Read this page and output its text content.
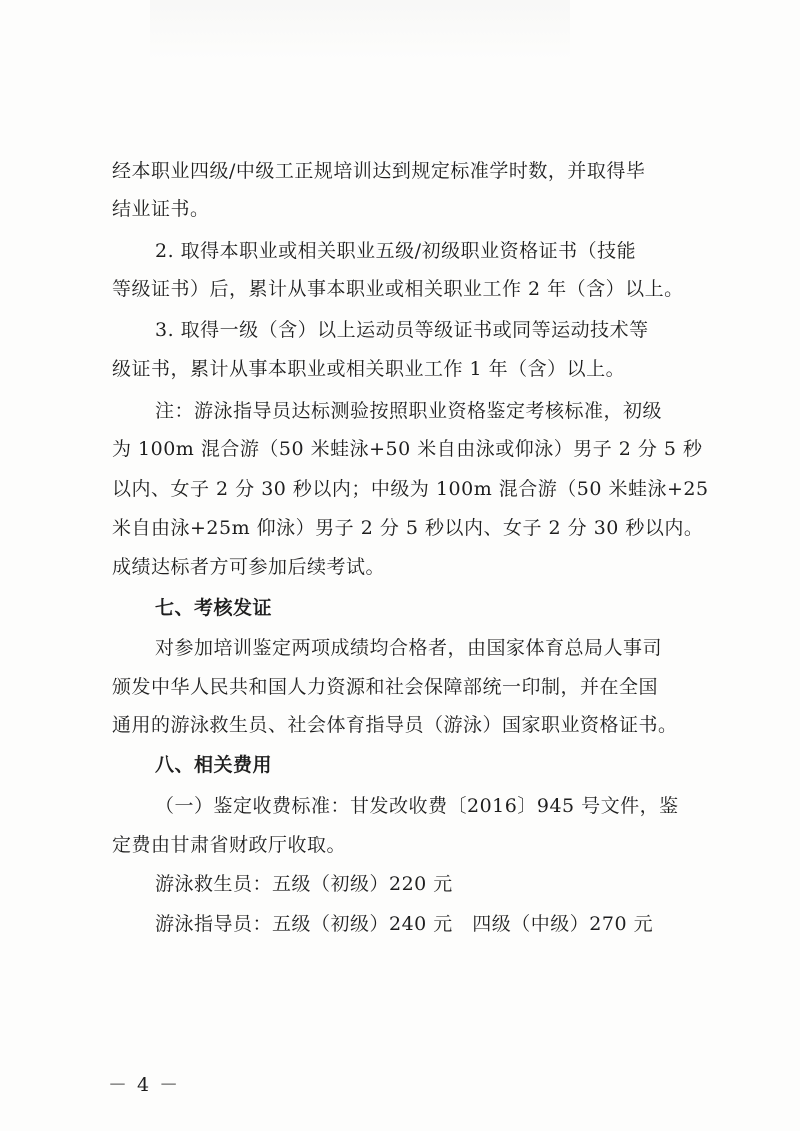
经本职业四级/中级工正规培训达到规定标准学时数，并取得毕
结业证书。
2. 取得本职业或相关职业五级/初级职业资格证书（技能
等级证书）后，累计从事本职业或相关职业工作 2 年（含）以上。
3. 取得一级（含）以上运动员等级证书或同等运动技术等
级证书，累计从事本职业或相关职业工作 1 年（含）以上。
注：游泳指导员达标测验按照职业资格鉴定考核标准，初级
为 100m 混合游（50 米蛙泳+50 米自由泳或仰泳）男子 2 分 5 秒
以内、女子 2 分 30 秒以内；中级为 100m 混合游（50 米蛙泳+25
米自由泳+25m 仰泳）男子 2 分 5 秒以内、女子 2 分 30 秒以内。
成绩达标者方可参加后续考试。
七、考核发证
对参加培训鉴定两项成绩均合格者，由国家体育总局人事司
颁发中华人民共和国人力资源和社会保障部统一印制，并在全国
通用的游泳救生员、社会体育指导员（游泳）国家职业资格证书。
八、相关费用
（一）鉴定收费标准：甘发改收费〔2016〕945 号文件，鉴
定费由甘肃省财政厅收取。
游泳救生员：五级（初级）220 元
游泳指导员：五级（初级）240 元　四级（中级）270 元
－ 4 －
